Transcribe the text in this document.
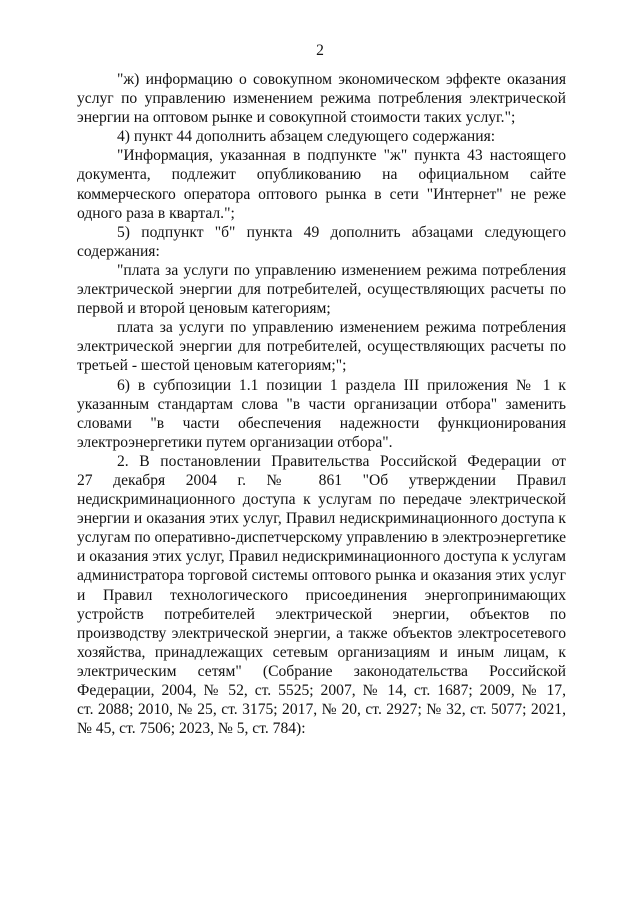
2

"ж) информацию о совокупном экономическом эффекте оказания услуг по управлению изменением режима потребления электрической энергии на оптовом рынке и совокупной стоимости таких услуг.";

4) пункт 44 дополнить абзацем следующего содержания:

"Информация, указанная в подпункте "ж" пункта 43 настоящего документа, подлежит опубликованию на официальном сайте коммерческого оператора оптового рынка в сети "Интернет" не реже одного раза в квартал.";

5) подпункт "б" пункта 49 дополнить абзацами следующего содержания:

"плата за услуги по управлению изменением режима потребления электрической энергии для потребителей, осуществляющих расчеты по первой и второй ценовым категориям;

плата за услуги по управлению изменением режима потребления электрической энергии для потребителей, осуществляющих расчеты по третьей - шестой ценовым категориям;";

6) в субпозиции 1.1 позиции 1 раздела III приложения № 1 к указанным стандартам слова "в части организации отбора" заменить словами "в части обеспечения надежности функционирования электроэнергетики путем организации отбора".

2. В постановлении Правительства Российской Федерации от 27 декабря 2004 г. № 861 "Об утверждении Правил недискриминационного доступа к услугам по передаче электрической энергии и оказания этих услуг, Правил недискриминационного доступа к услугам по оперативно-диспетчерскому управлению в электроэнергетике и оказания этих услуг, Правил недискриминационного доступа к услугам администратора торговой системы оптового рынка и оказания этих услуг и Правил технологического присоединения энергопринимающих устройств потребителей электрической энергии, объектов по производству электрической энергии, а также объектов электросетевого хозяйства, принадлежащих сетевым организациям и иным лицам, к электрическим сетям" (Собрание законодательства Российской Федерации, 2004, № 52, ст. 5525; 2007, № 14, ст. 1687; 2009, № 17, ст. 2088; 2010, № 25, ст. 3175; 2017, № 20, ст. 2927; № 32, ст. 5077; 2021, № 45, ст. 7506; 2023, № 5, ст. 784):
